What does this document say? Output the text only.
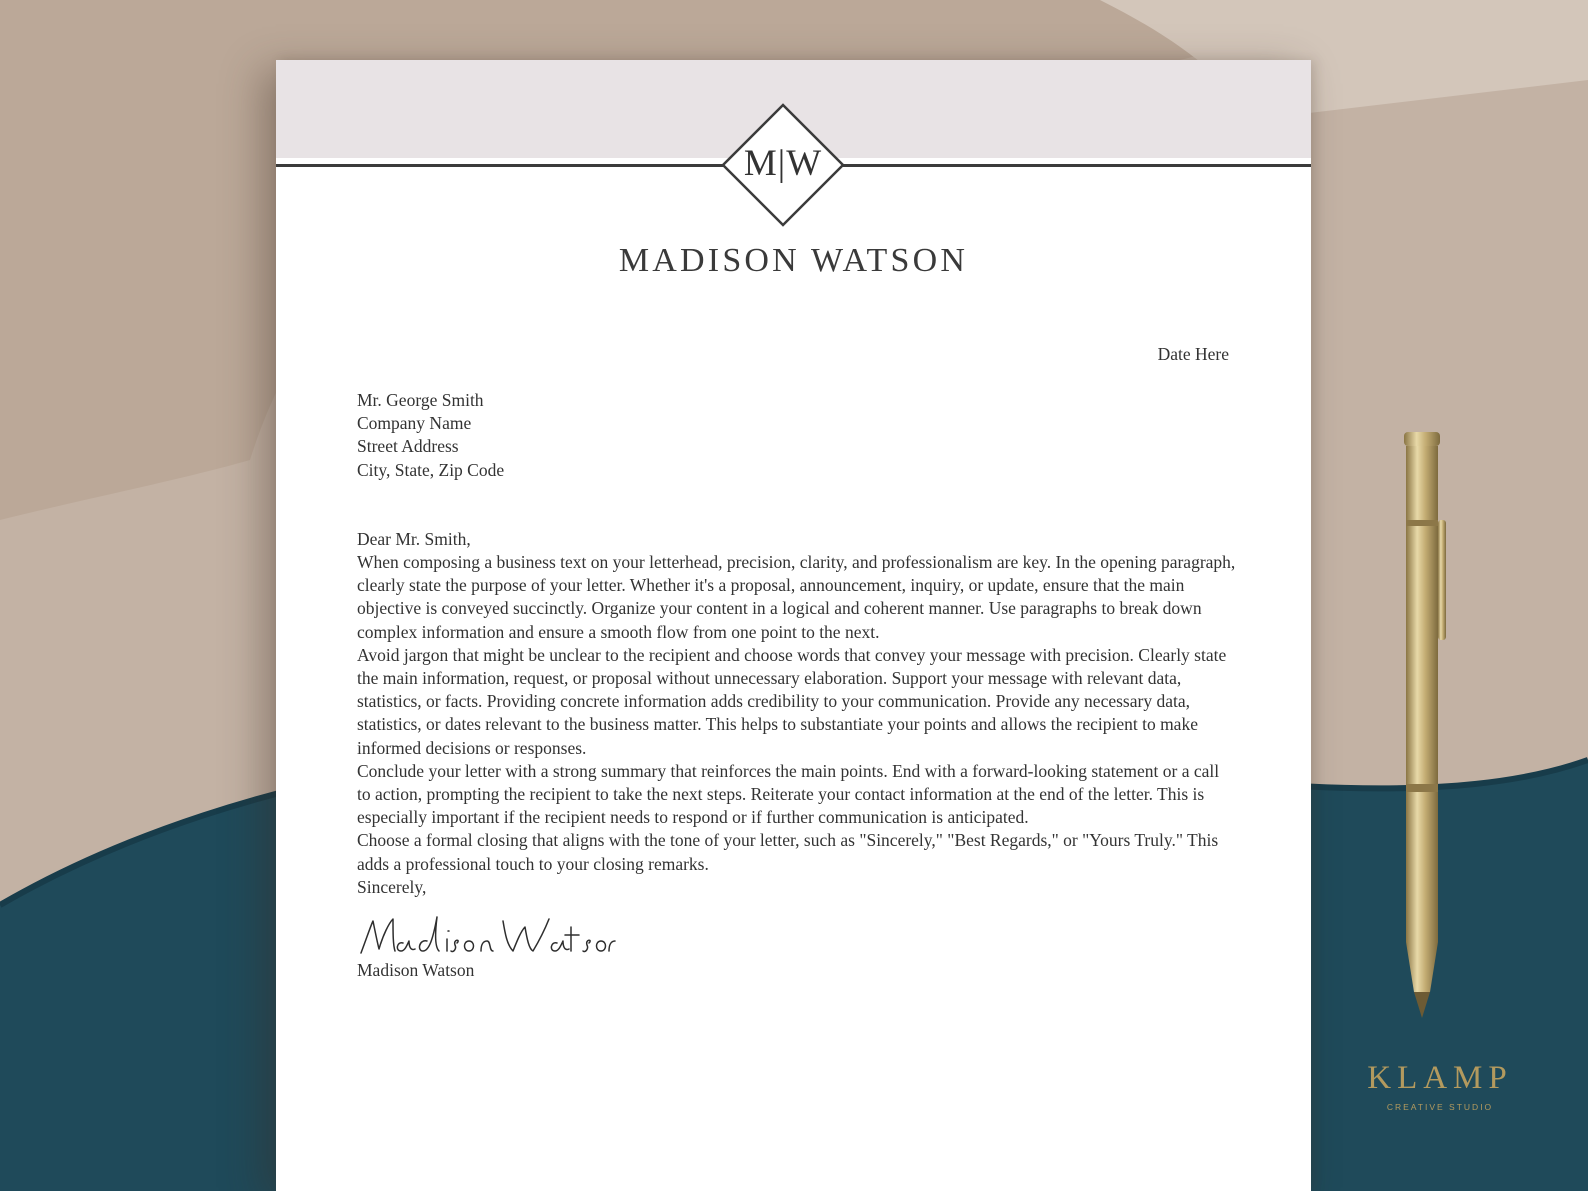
M|W
MADISON WATSON
Date Here

Mr. George Smith

Company Name

Street Address

City, State, Zip Code

Dear Mr. Smith,

When composing a business text on your letterhead, precision, clarity, and professionalism are key. In the opening paragraph, clearly state the purpose of your letter. Whether it's a proposal, announcement, inquiry, or update, ensure that the main objective is conveyed succinctly. Organize your content in a logical and coherent manner. Use paragraphs to break down complex information and ensure a smooth flow from one point to the next.

Avoid jargon that might be unclear to the recipient and choose words that convey your message with precision. Clearly state the main information, request, or proposal without unnecessary elaboration. Support your message with relevant data, statistics, or facts. Providing concrete information adds credibility to your communication. Provide any necessary data, statistics, or dates relevant to the business matter. This helps to substantiate your points and allows the recipient to make informed decisions or responses.

Conclude your letter with a strong summary that reinforces the main points. End with a forward-looking statement or a call to action, prompting the recipient to take the next steps. Reiterate your contact information at the end of the letter. This is especially important if the recipient needs to respond or if further communication is anticipated.

Choose a formal closing that aligns with the tone of your letter, such as "Sincerely," "Best Regards," or "Yours Truly." This adds a professional touch to your closing remarks.

Sincerely,

Madison Watson

KLAMP
CREATIVE STUDIO
